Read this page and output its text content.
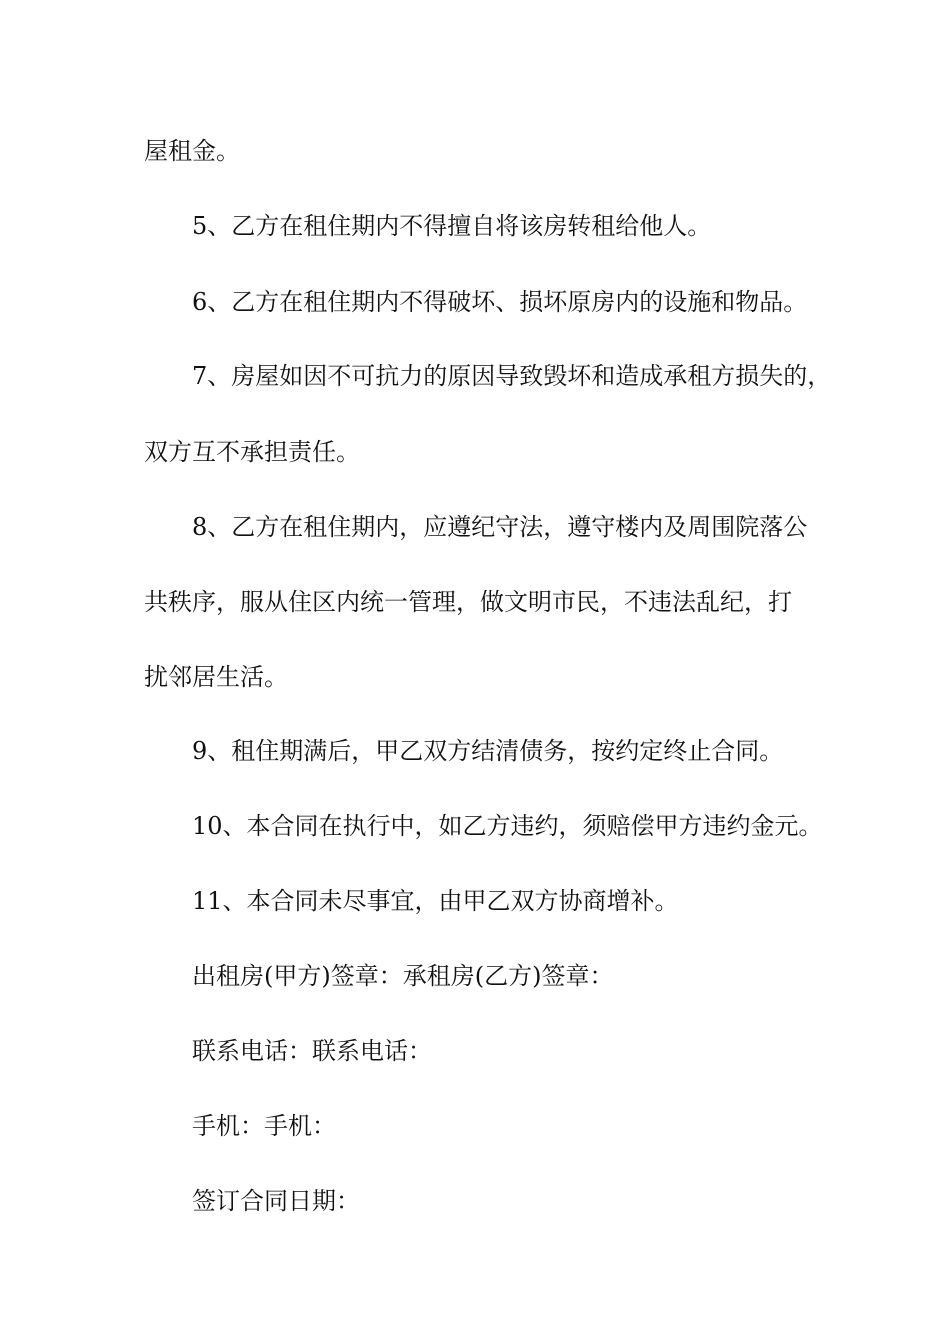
屋租金。
5、乙方在租住期内不得擅自将该房转租给他人。
6、乙方在租住期内不得破坏、损坏原房内的设施和物品。
7、房屋如因不可抗力的原因导致毁坏和造成承租方损失的，
双方互不承担责任。
8、乙方在租住期内，应遵纪守法，遵守楼内及周围院落公
共秩序，服从住区内统一管理，做文明市民，不违法乱纪，打
扰邻居生活。
9、租住期满后，甲乙双方结清债务，按约定终止合同。
10、本合同在执行中，如乙方违约，须赔偿甲方违约金元。
11、本合同未尽事宜，由甲乙双方协商增补。
出租房(甲方)签章：承租房(乙方)签章：
联系电话：联系电话：
手机：手机：
签订合同日期：
